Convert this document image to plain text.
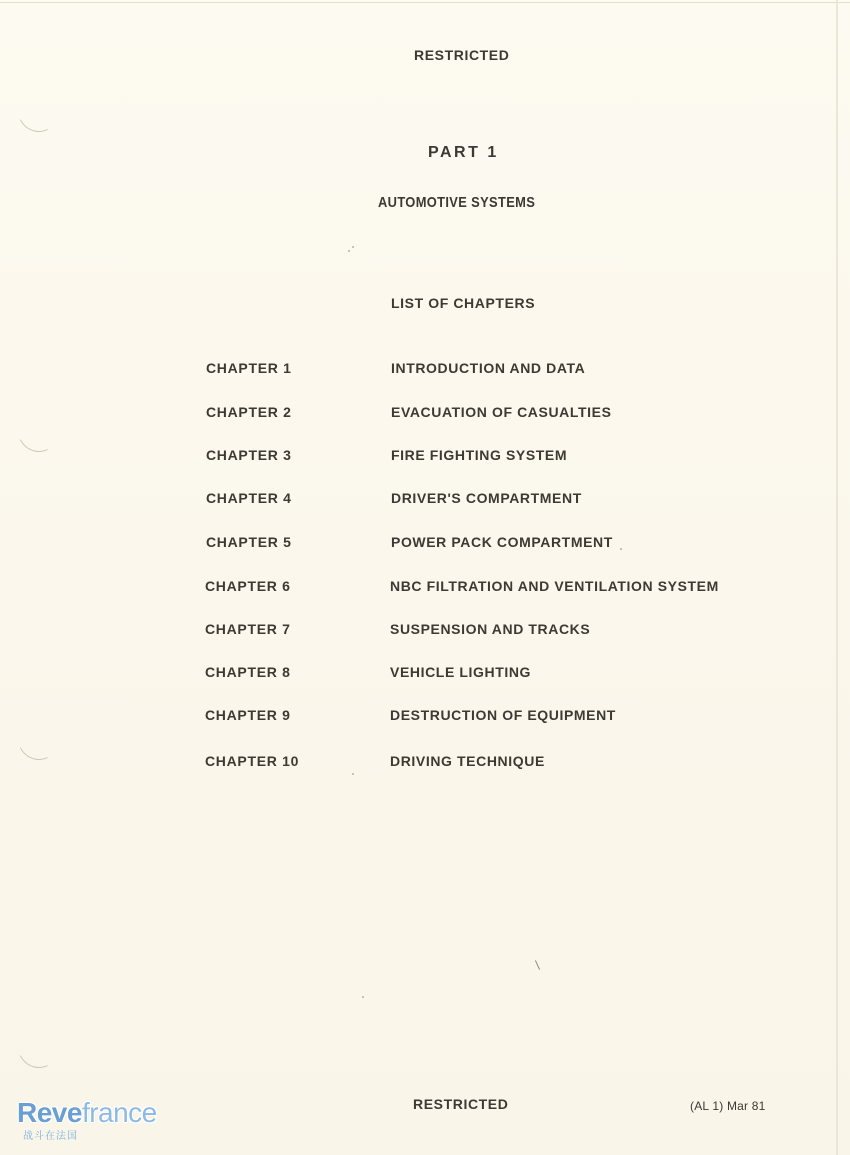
RESTRICTED
PART 1
AUTOMOTIVE SYSTEMS
LIST OF CHAPTERS
CHAPTER 1	INTRODUCTION AND DATA
CHAPTER 2	EVACUATION OF CASUALTIES
CHAPTER 3	FIRE FIGHTING SYSTEM
CHAPTER 4	DRIVER'S COMPARTMENT
CHAPTER 5	POWER PACK COMPARTMENT
CHAPTER 6	NBC FILTRATION AND VENTILATION SYSTEM
CHAPTER 7	SUSPENSION AND TRACKS
CHAPTER 8	VEHICLE LIGHTING
CHAPTER 9	DESTRUCTION OF EQUIPMENT
CHAPTER 10	DRIVING TECHNIQUE
RESTRICTED	(AL 1) Mar 81
Revefrance
战斗在法国
